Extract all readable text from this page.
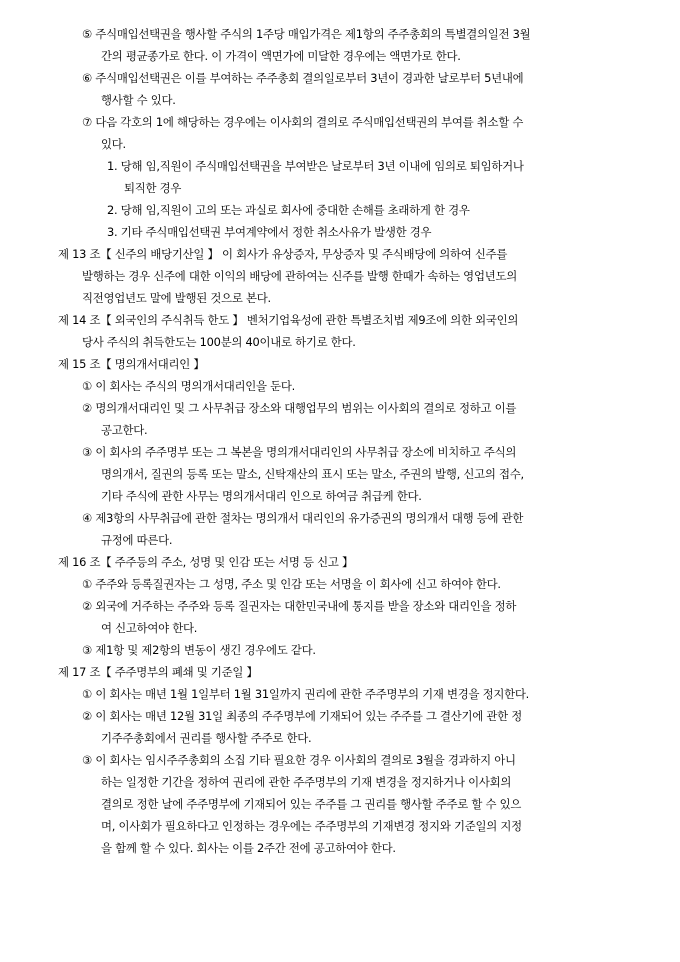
⑤ 주식매입선택권을 행사할 주식의 1주당 매입가격은 제1항의 주주총회의 특별결의일전 3월
간의 평균종가로 한다. 이 가격이 액면가에 미달한 경우에는 액면가로 한다.
⑥ 주식매입선택권은 이를 부여하는 주주총회 결의일로부터 3년이 경과한 날로부터 5년내에
행사할 수 있다.
⑦ 다음 각호의 1에 해당하는 경우에는 이사회의 결의로 주식매입선택권의 부여를 취소할 수
있다.
1. 당해 임,직원이 주식매입선택권을 부여받은 날로부터 3년 이내에 임의로 퇴임하거나
퇴직한 경우
2. 당해 임,직원이 고의 또는 과실로 회사에 중대한 손해를 초래하게 한 경우
3. 기타 주식매입선택권 부여계약에서 정한 취소사유가 발생한 경우
제 13 조【 신주의 배당기산일 】 이 회사가 유상증자, 무상증자 및 주식배당에 의하여 신주를
발행하는 경우 신주에 대한 이익의 배당에 관하여는 신주를 발행 한때가 속하는 영업년도의
직전영업년도 말에 발행된 것으로 본다.
제 14 조【 외국인의 주식취득 한도 】 벤처기업육성에 관한 특별조치법 제9조에 의한 외국인의
당사 주식의 취득한도는 100분의 40이내로 하기로 한다.
제 15 조【 명의개서대리인 】
① 이 회사는 주식의 명의개서대리인을 둔다.
② 명의개서대리인 및 그 사무취급 장소와 대행업무의 범위는 이사회의 결의로 정하고 이를
공고한다.
③ 이 회사의 주주명부 또는 그 복본을 명의개서대리인의 사무취급 장소에 비치하고 주식의
명의개서, 질권의 등록 또는 말소, 신탁재산의 표시 또는 말소, 주권의 발행, 신고의 접수,
기타 주식에 관한 사무는 명의개서대리 인으로 하여금 취급케 한다.
④ 제3항의 사무취급에 관한 절차는 명의개서 대리인의 유가증권의 명의개서 대행 등에 관한
규정에 따른다.
제 16 조【 주주등의 주소, 성명 및 인감 또는 서명 등 신고 】
① 주주와 등록질권자는 그 성명, 주소 및 인감 또는 서명을 이 회사에 신고 하여야 한다.
② 외국에 거주하는 주주와 등록 질권자는 대한민국내에 통지를 받을 장소와 대리인을 정하
여 신고하여야 한다.
③ 제1항 및 제2항의 변동이 생긴 경우에도 같다.
제 17 조【 주주명부의 폐쇄 및 기준일 】
① 이 회사는 매년 1월 1일부터 1월 31일까지 권리에 관한 주주명부의 기재 변경을 정지한다.
② 이 회사는 매년 12월 31일 최종의 주주명부에 기재되어 있는 주주를 그 결산기에 관한 정
기주주총회에서 권리를 행사할 주주로 한다.
③ 이 회사는 임시주주총회의 소집 기타 필요한 경우 이사회의 결의로 3월을 경과하지 아니
하는 일정한 기간을 정하여 권리에 관한 주주명부의 기재 변경을 정지하거나 이사회의
결의로 정한 날에 주주명부에 기재되어 있는 주주를 그 권리를 행사할 주주로 할 수 있으
며, 이사회가 필요하다고 인정하는 경우에는 주주명부의 기재변경 정지와 기준일의 지정
을 함께 할 수 있다. 회사는 이를 2주간 전에 공고하여야 한다.
